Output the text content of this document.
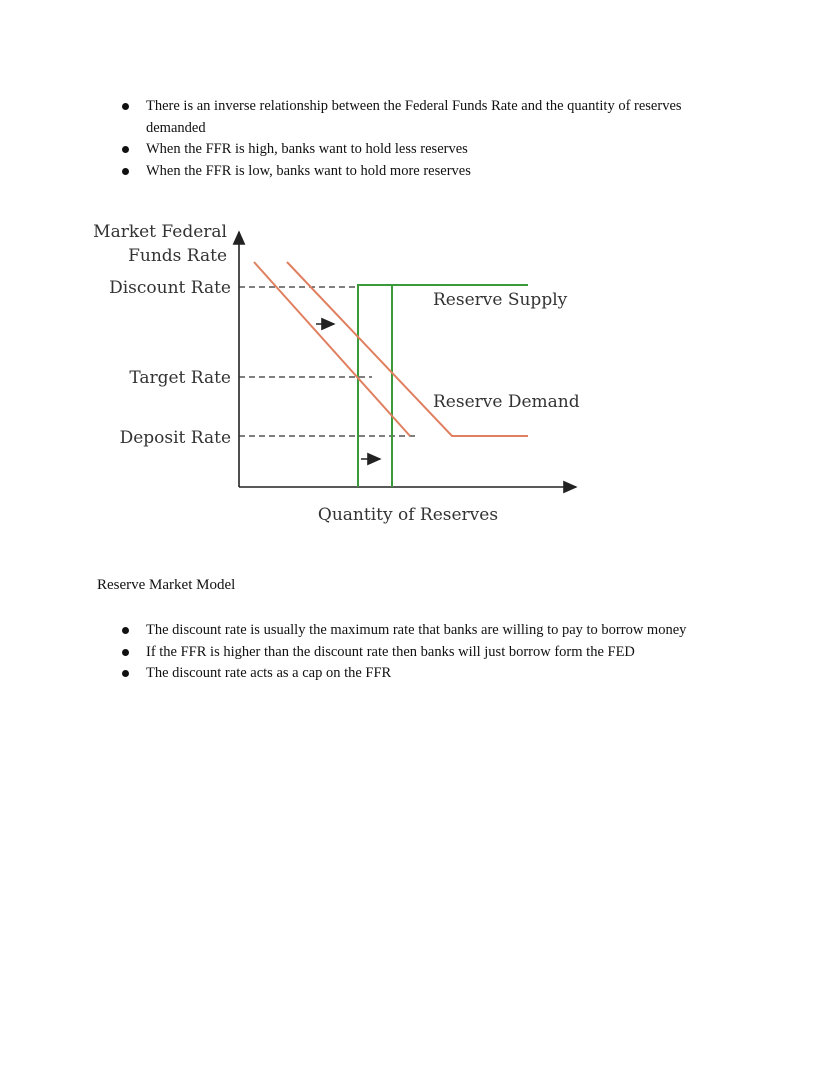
There is an inverse relationship between the Federal Funds Rate and the quantity of reserves demanded
When the FFR is high, banks want to hold less reserves
When the FFR is low, banks want to hold more reserves
Market Federal
Funds Rate
Discount Rate
Target Rate
Deposit Rate
Reserve Supply
Reserve Demand
Quantity of Reserves
Reserve Market Model
The discount rate is usually the maximum rate that banks are willing to pay to borrow money
If the FFR is higher than the discount rate then banks will just borrow form the FED
The discount rate acts as a cap on the FFR
